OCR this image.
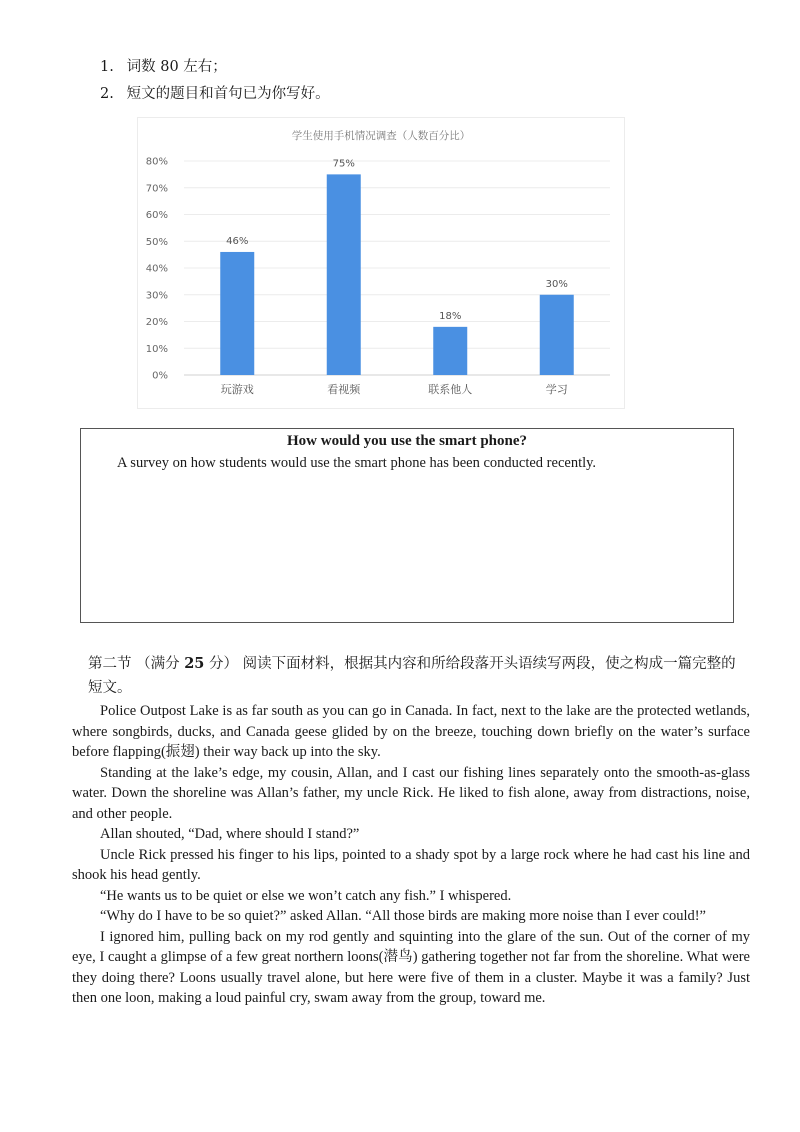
1. 词数 80 左右；
2. 短文的题目和首句已为你写好。
学生使用手机情况调查（人数百分比）
0%
10%
20%
30%
40%
50%
60%
70%
80%
46%
玩游戏
75%
看视频
18%
联系他人
30%
学习
How would you use the smart phone?
A survey on how students would use the smart phone has been conducted recently.
第二节 （满分 25 分） 阅读下面材料，根据其内容和所给段落开头语续写两段，使之构成一篇完整的短文。

Police Outpost Lake is as far south as you can go in Canada. In fact, next to the lake are the protected wetlands, where songbirds, ducks, and Canada geese glided by on the breeze, touching down briefly on the water’s surface before flapping(振翅) their way back up into the sky.

Standing at the lake’s edge, my cousin, Allan, and I cast our fishing lines separately onto the smooth-as-glass water. Down the shoreline was Allan’s father, my uncle Rick. He liked to fish alone, away from distractions, noise, and other people.

Allan shouted, “Dad, where should I stand?”

Uncle Rick pressed his finger to his lips, pointed to a shady spot by a large rock where he had cast his line and shook his head gently.

“He wants us to be quiet or else we won’t catch any fish.” I whispered.

“Why do I have to be so quiet?” asked Allan. “All those birds are making more noise than I ever could!”

I ignored him, pulling back on my rod gently and squinting into the glare of the sun. Out of the corner of my eye, I caught a glimpse of a few great northern loons(潜鸟) gathering together not far from the shoreline. What were they doing there? Loons usually travel alone, but here were five of them in a cluster. Maybe it was a family? Just then one loon, making a loud painful cry, swam away from the group, toward me.
